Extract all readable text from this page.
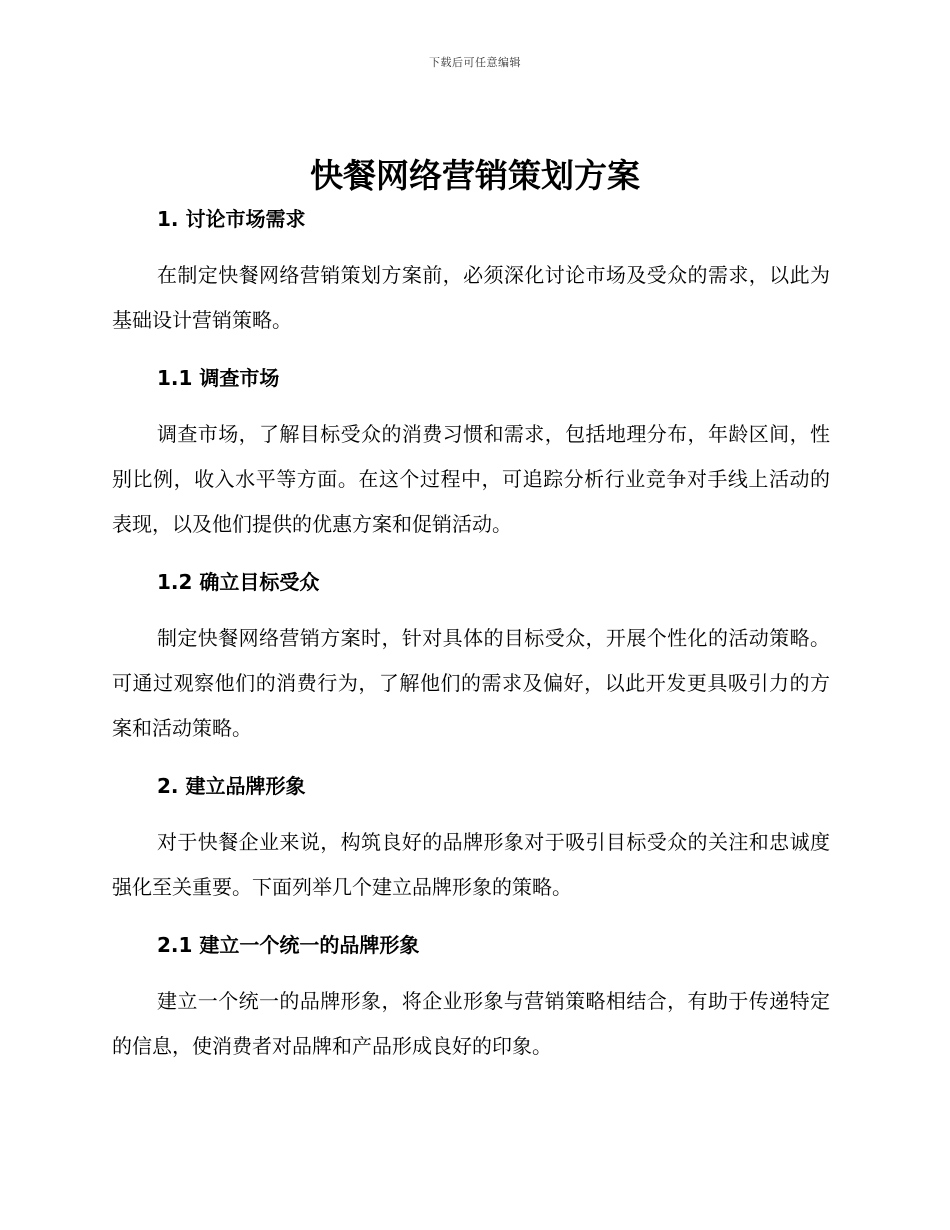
下载后可任意编辑
快餐网络营销策划方案
1. 讨论市场需求

在制定快餐网络营销策划方案前，必须深化讨论市场及受众的需求，以此为基础设计营销策略。

1.1 调查市场

调查市场，了解目标受众的消费习惯和需求，包括地理分布，年龄区间，性别比例，收入水平等方面。在这个过程中，可追踪分析行业竞争对手线上活动的表现，以及他们提供的优惠方案和促销活动。

1.2 确立目标受众

制定快餐网络营销方案时，针对具体的目标受众，开展个性化的活动策略。可通过观察他们的消费行为，了解他们的需求及偏好，以此开发更具吸引力的方案和活动策略。

2. 建立品牌形象

对于快餐企业来说，构筑良好的品牌形象对于吸引目标受众的关注和忠诚度强化至关重要。下面列举几个建立品牌形象的策略。

2.1 建立一个统一的品牌形象

建立一个统一的品牌形象，将企业形象与营销策略相结合，有助于传递特定的信息，使消费者对品牌和产品形成良好的印象。
